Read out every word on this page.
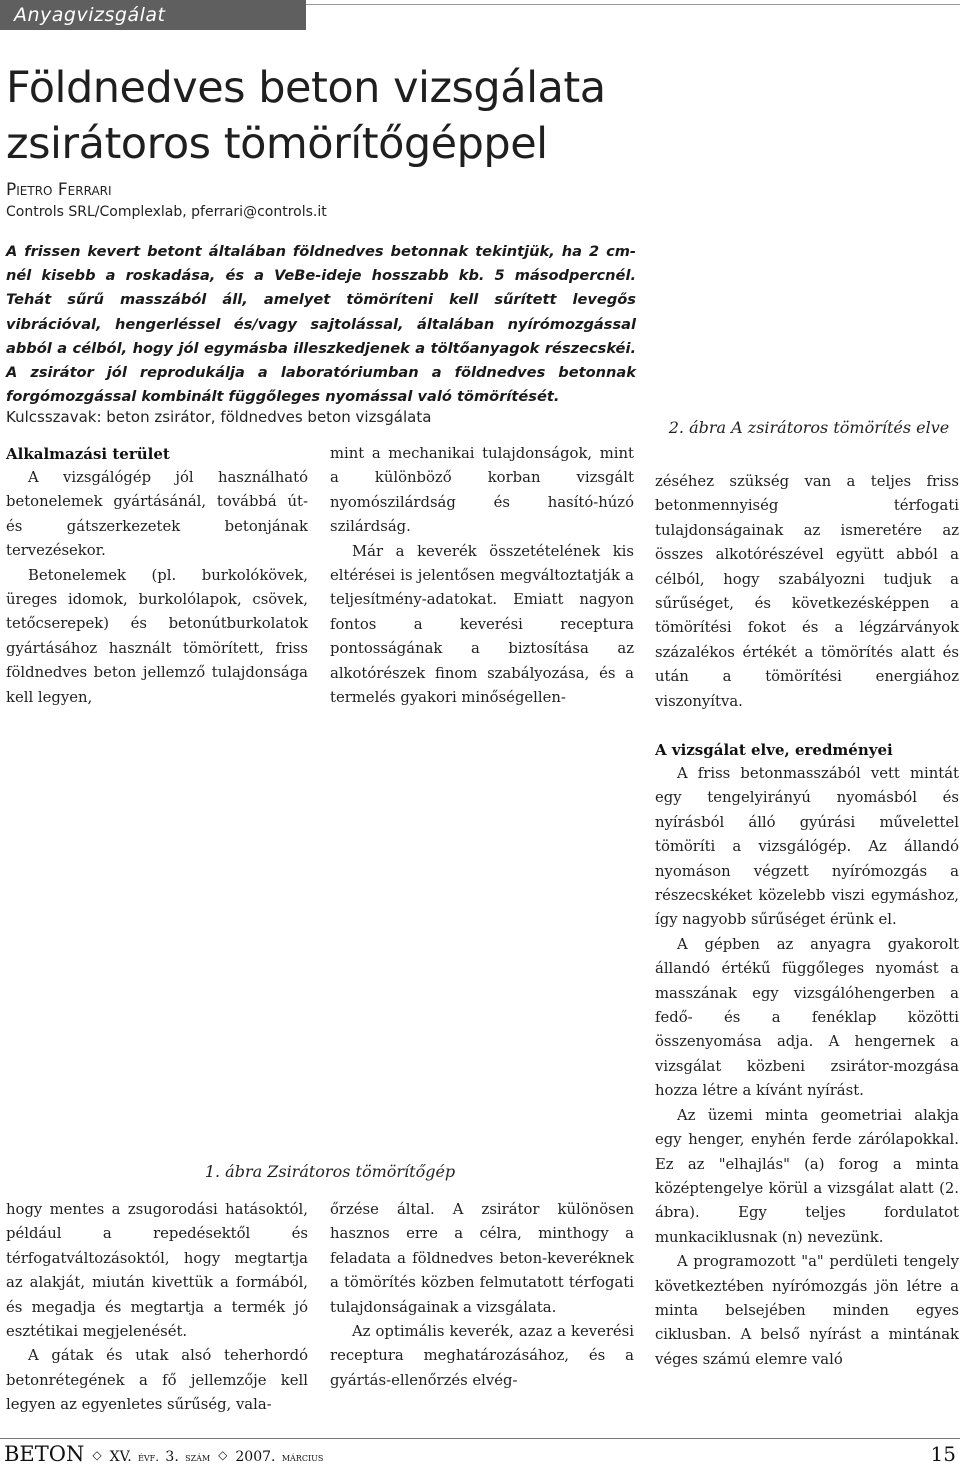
Anyagvizsgálat
Földnedves beton vizsgálata
zsirátoros tömörítőgéppel
Pietro Ferrari
Controls SRL/Complexlab, pferrari@controls.it

A frissen kevert betont általában földnedves betonnak tekintjük, ha 2 cm-nél kisebb a roskadása, és a VeBe-ideje hosszabb kb. 5 másodpercnél. Tehát sűrű masszából áll, amelyet tömöríteni kell sűrített levegős vibrációval, hengerléssel és/vagy sajtolással, általában nyírómozgással abból a célból, hogy jól egymásba illeszkedjenek a töltőanyagok részecskéi. A zsirátor jól reprodukálja a laboratóriumban a földnedves betonnak forgómozgással kombinált függőleges nyomással való tömörítését.

Kulcsszavak: beton zsirátor, földnedves beton vizsgálata
Alkalmazási terület

A vizsgálógép jól használható betonelemek gyártásánál, továbbá út- és gátszerkezetek betonjának tervezésekor.

Betonelemek (pl. burkolókövek, üreges idomok, burkolólapok, csövek, tetőcserepek) és betonútburkolatok gyártásához használt tömörített, friss földnedves beton jellemző tulajdonsága kell legyen,

mint a mechanikai tulajdonságok, mint a különböző korban vizsgált nyomószilárdság és hasító-húzó szilárdság.

Már a keverék összetételének kis eltérései is jelentősen megváltoztatják a teljesítmény-adatokat. Emiatt nagyon fontos a keverési receptura pontosságának a biztosítása az alkotórészek finom szabályozása, és a termelés gyakori minőségellen-

2. ábra A zsirátoros tömörítés elve

zéséhez szükség van a teljes friss betonmennyiség térfogati tulajdonságainak az ismeretére az összes alkotórészével együtt abból a célból, hogy szabályozni tudjuk a sűrűséget, és következésképpen a tömörítési fokot és a légzárványok százalékos értékét a tömörítés alatt és után a tömörítési energiához viszonyítva.

A vizsgálat elve, eredményei

A friss betonmasszából vett mintát egy tengelyirányú nyomásból és nyírásból álló gyúrási művelettel tömöríti a vizsgálógép. Az állandó nyomáson végzett nyírómozgás a részecskéket közelebb viszi egymáshoz, így nagyobb sűrűséget érünk el.

A gépben az anyagra gyakorolt állandó értékű függőleges nyomást a masszának egy vizsgálóhengerben a fedő- és a fenéklap közötti összenyomása adja. A hengernek a vizsgálat közbeni zsirátor-mozgása hozza létre a kívánt nyírást.

Az üzemi minta geometriai alakja egy henger, enyhén ferde zárólapokkal. Ez az "elhajlás" (a) forog a minta középtengelye körül a vizsgálat alatt (2. ábra). Egy teljes fordulatot munkaciklusnak (n) nevezünk.

A programozott "a" perdületi tengely következtében nyírómozgás jön létre a minta belsejében minden egyes ciklusban. A belső nyírást a mintának véges számú elemre való

1. ábra Zsirátoros tömörítőgép

hogy mentes a zsugorodási hatásoktól, például a repedésektől és térfogatváltozásoktól, hogy megtartja az alakját, miután kivettük a formából, és megadja és megtartja a termék jó esztétikai megjelenését.

A gátak és utak alsó teherhordó betonrétegének a fő jellemzője kell legyen az egyenletes sűrűség, vala-

őrzése által. A zsirátor különösen hasznos erre a célra, minthogy a feladata a földnedves beton-keveréknek a tömörítés közben felmutatott térfogati tulajdonságainak a vizsgálata.

Az optimális keverék, azaz a keverési receptura meghatározásához, és a gyártás-ellenőrzés elvég-

BETON ◇ XV. évf. 3. szám ◇ 2007. március	15
